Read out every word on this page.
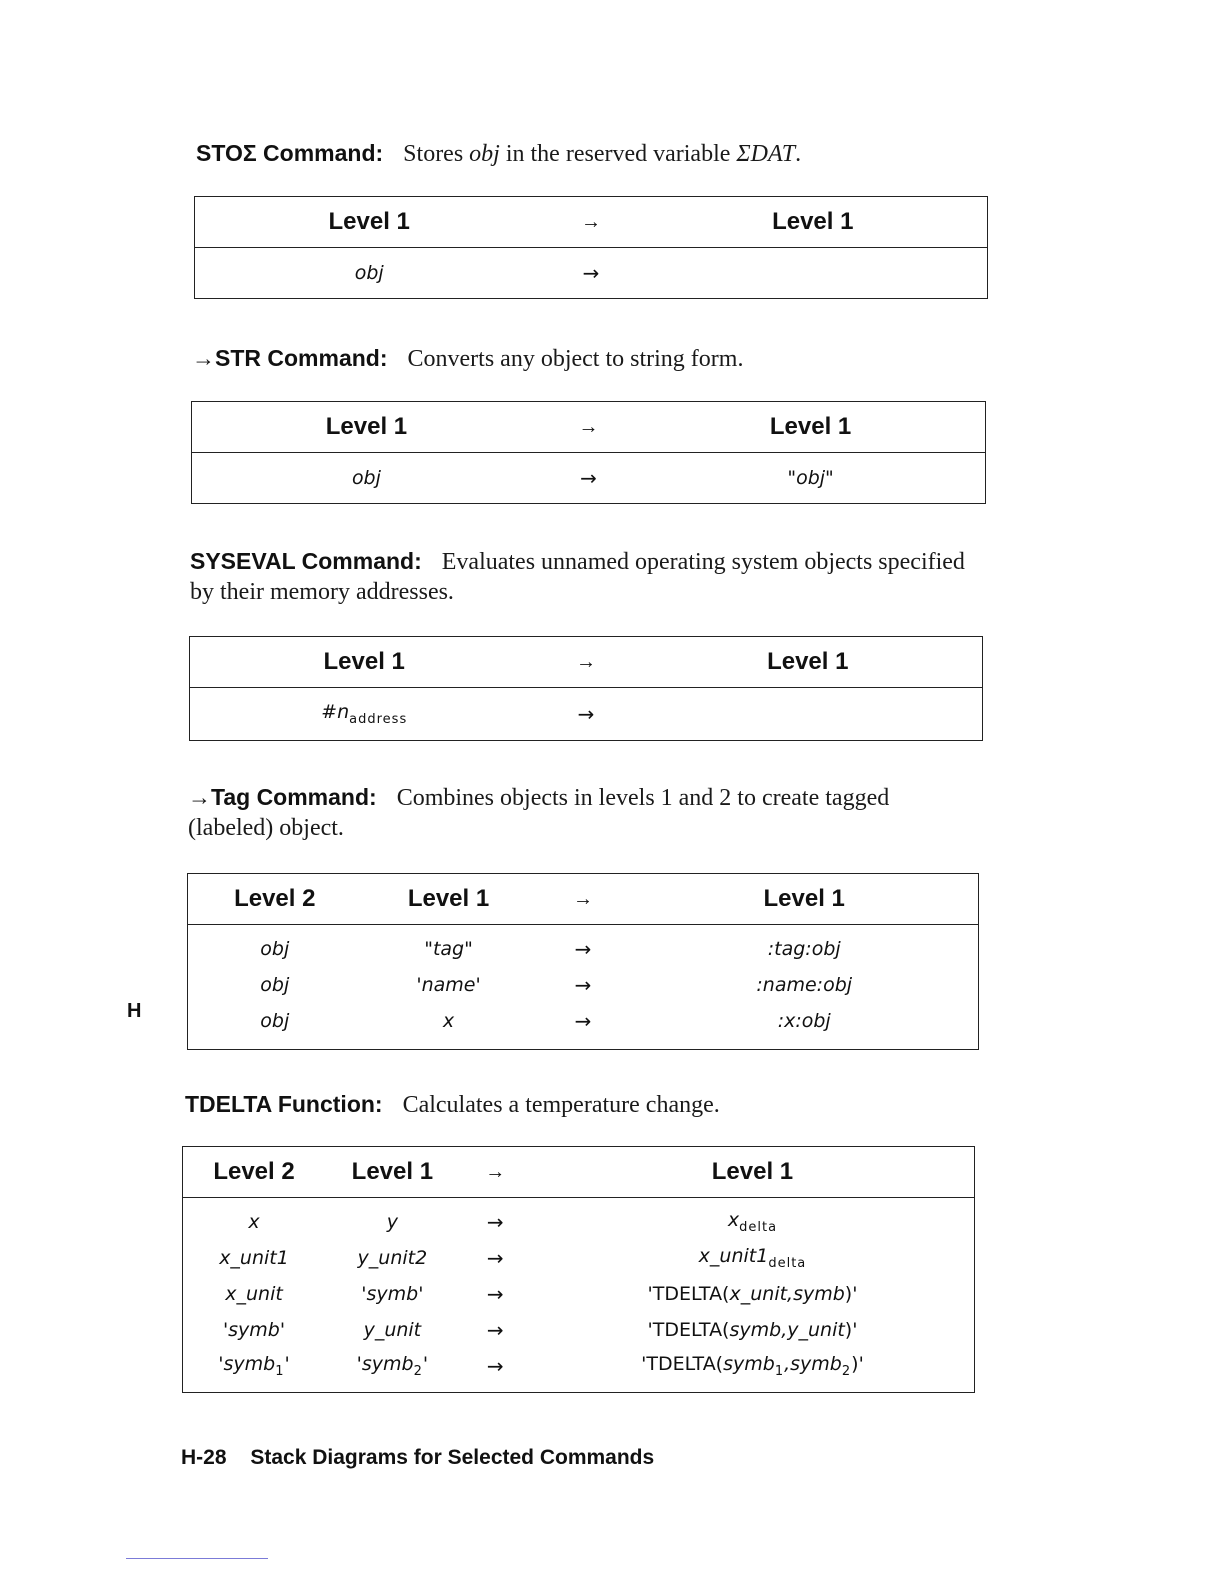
STOΣ Command: Stores obj in the reserved variable ΣDAT.
Level 1	→	Level 1
obj	→	
→STR Command: Converts any object to string form.
Level 1	→	Level 1
obj	→	"obj"
SYSEVAL Command: Evaluates unnamed operating system objects specified by their memory addresses.
Level 1	→	Level 1
$\#n_{address}$	→	
→Tag Command: Combines objects in levels 1 and 2 to create tagged (labeled) object.
H
Level 2	Level 1	→	Level 1
obj	"tag"	→	:tag:obj
obj	'name'	→	:name:obj
obj	x	→	:x:obj
TDELTA Function: Calculates a temperature change.
Level 2	Level 1	→	Level 1
x	y	→	$x_{delta}$
x_unit1	y_unit2	→	$x\_unit1_{delta}$
x_unit	'symb'	→	'TDELTA(x_unit,symb)'
'symb'	y_unit	→	'TDELTA(symb,y_unit)'
'symb$_1$'	'symb$_2$'	→	'TDELTA(symb$_1$,symb$_2$)'
H-28 Stack Diagrams for Selected Commands
